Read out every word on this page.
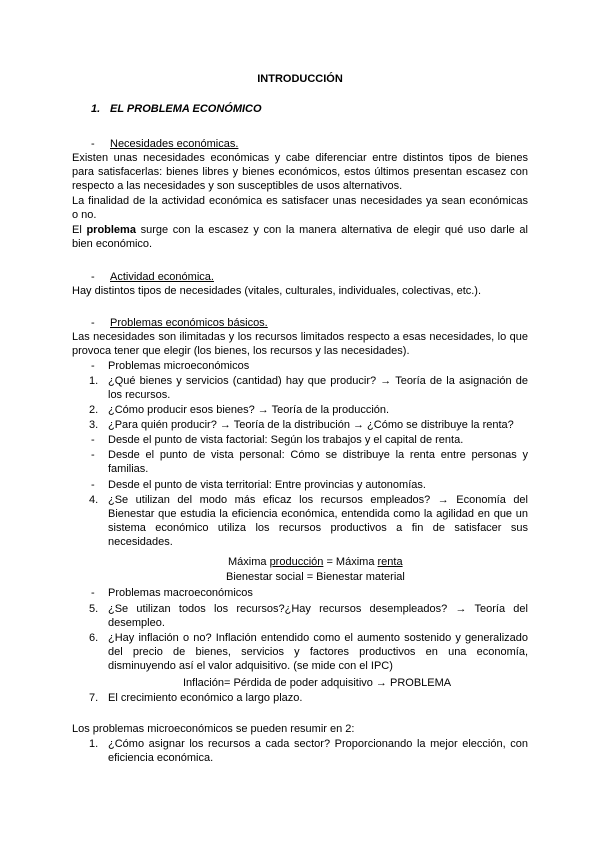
INTRODUCCIÓN
1. EL PROBLEMA ECONÓMICO
- Necesidades económicas.
Existen unas necesidades económicas y cabe diferenciar entre distintos tipos de bienes
para satisfacerlas: bienes libres y bienes económicos, estos últimos presentan escasez con
respecto a las necesidades y son susceptibles de usos alternativos.
La finalidad de la actividad económica es satisfacer unas necesidades ya sean económicas
o no.
El problema surge con la escasez y con la manera alternativa de elegir qué uso darle al
bien económico.
- Actividad económica.
Hay distintos tipos de necesidades (vitales, culturales, individuales, colectivas, etc.).
- Problemas económicos básicos.
Las necesidades son ilimitadas y los recursos limitados respecto a esas necesidades, lo que
provoca tener que elegir (los bienes, los recursos y las necesidades).
- Problemas microeconómicos
1. ¿Qué bienes y servicios (cantidad) hay que producir? → Teoría de la asignación de
los recursos.
2. ¿Cómo producir esos bienes? → Teoría de la producción.
3. ¿Para quién producir? → Teoría de la distribución → ¿Cómo se distribuye la renta?
- Desde el punto de vista factorial: Según los trabajos y el capital de renta.
- Desde el punto de vista personal: Cómo se distribuye la renta entre personas y
familias.
- Desde el punto de vista territorial: Entre provincias y autonomías.
4. ¿Se utilizan del modo más eficaz los recursos empleados? → Economía del
Bienestar que estudia la eficiencia económica, entendida como la agilidad en que un
sistema económico utiliza los recursos productivos a fin de satisfacer sus
necesidades.
Máxima producción = Máxima renta
Bienestar social = Bienestar material
- Problemas macroeconómicos
5. ¿Se utilizan todos los recursos?¿Hay recursos desempleados? → Teoría del
desempleo.
6. ¿Hay inflación o no? Inflación entendido como el aumento sostenido y generalizado
del precio de bienes, servicios y factores productivos en una economía,
disminuyendo así el valor adquisitivo. (se mide con el IPC)
Inflación= Pérdida de poder adquisitivo → PROBLEMA
7. El crecimiento económico a largo plazo.
Los problemas microeconómicos se pueden resumir en 2:
1. ¿Cómo asignar los recursos a cada sector? Proporcionando la mejor elección, con
eficiencia económica.
